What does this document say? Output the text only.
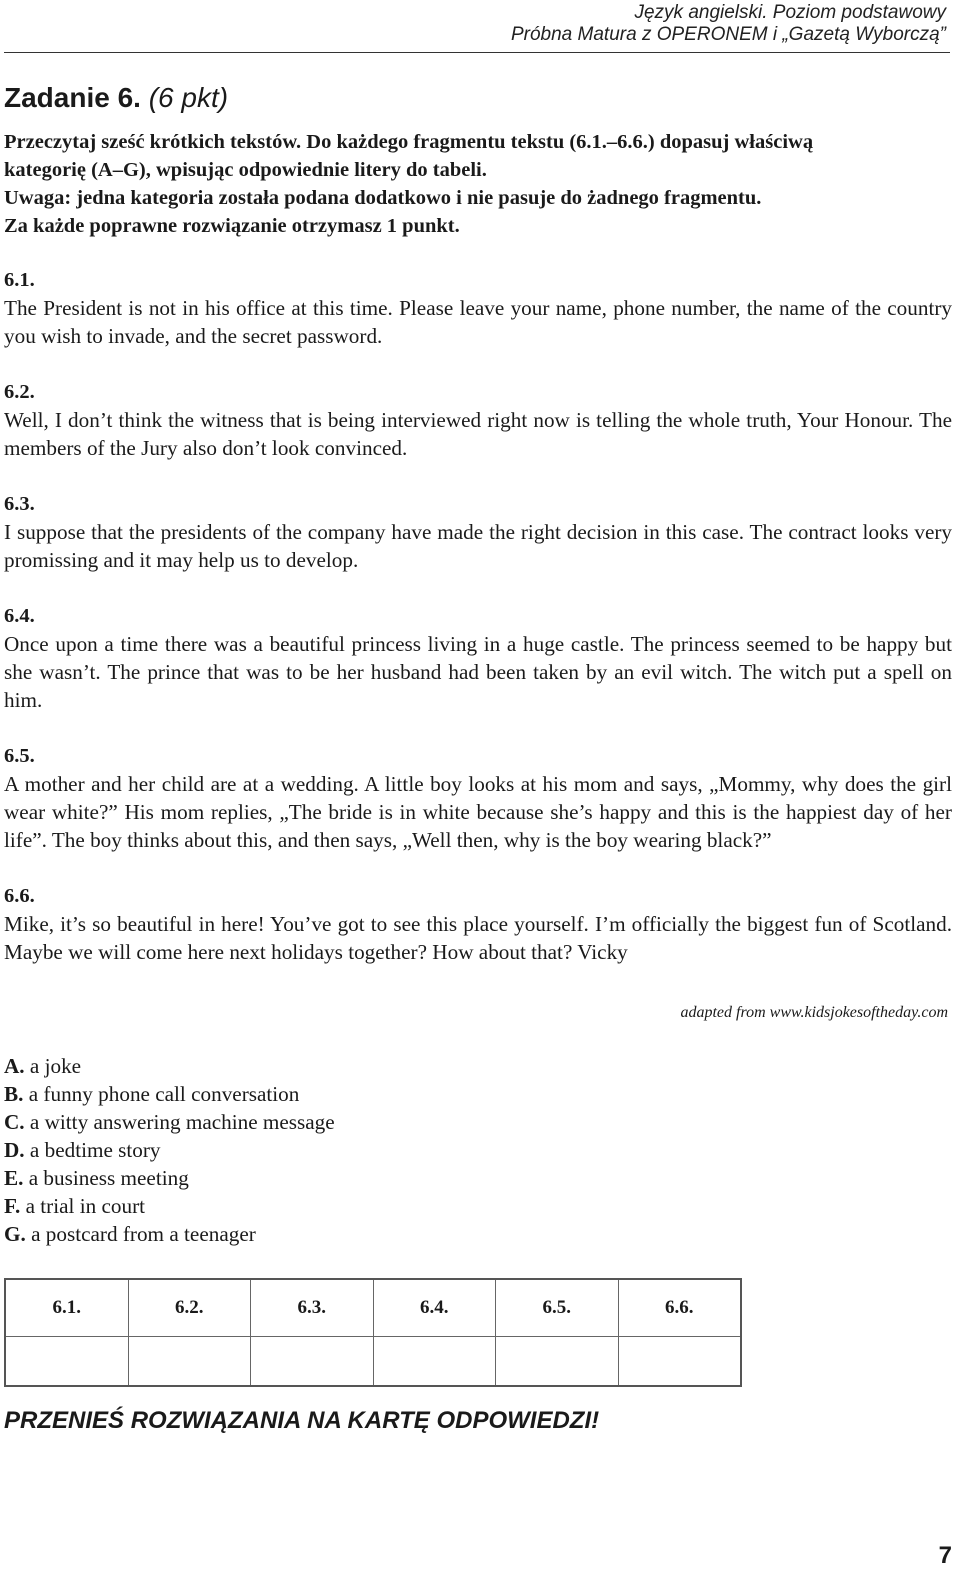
Język angielski. Poziom podstawowy
Próbna Matura z OPERONEM i „Gazetą Wyborczą”
Zadanie 6. (6 pkt)
Przeczytaj sześć krótkich tekstów. Do każdego fragmentu tekstu (6.1.–6.6.) dopasuj właściwą
kategorię (A–G), wpisując odpowiednie litery do tabeli.
Uwaga: jedna kategoria została podana dodatkowo i nie pasuje do żadnego fragmentu.
Za każde poprawne rozwiązanie otrzymasz 1 punkt.
6.1.
The President is not in his office at this time. Please leave your name, phone number, the name of the country you wish to invade, and the secret password.
6.2.
Well, I don’t think the witness that is being interviewed right now is telling the whole truth, Your Honour. The members of the Jury also don’t look convinced.
6.3.
I suppose that the presidents of the company have made the right decision in this case. The contract looks very promissing and it may help us to develop.
6.4.
Once upon a time there was a beautiful princess living in a huge castle. The princess seemed to be happy but she wasn’t. The prince that was to be her husband had been taken by an evil witch. The witch put a spell on him.
6.5.
A mother and her child are at a wedding. A little boy looks at his mom and says, „Mommy, why does the girl wear white?” His mom replies, „The bride is in white because she’s happy and this is the happiest day of her life”. The boy thinks about this, and then says, „Well then, why is the boy wearing black?”
6.6.
Mike, it’s so beautiful in here! You’ve got to see this place yourself. I’m officially the biggest fun of Scotland. Maybe we will come here next holidays together? How about that? Vicky
adapted from www.kidsjokesoftheday.com
A. a joke
B. a funny phone call conversation
C. a witty answering machine message
D. a bedtime story
E. a business meeting
F. a trial in court
G. a postcard from a teenager
6.1.	6.2.	6.3.	6.4.	6.5.	6.6.

PRZENIEŚ ROZWIĄZANIA NA KARTĘ ODPOWIEDZI!
7
